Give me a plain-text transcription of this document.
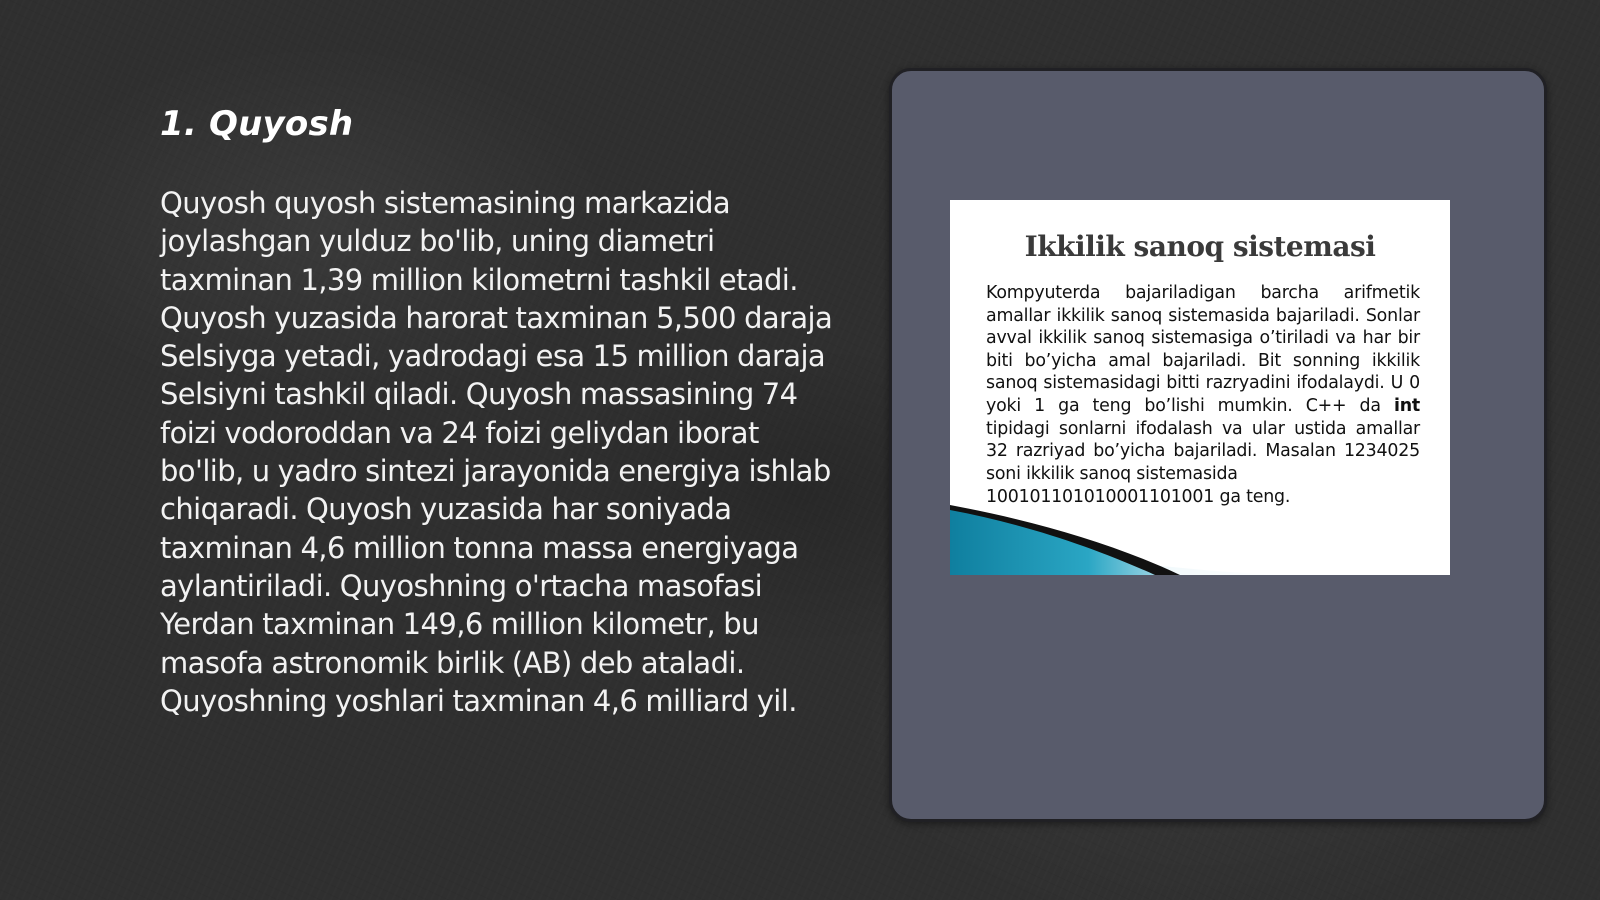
1. Quyosh

Quyosh quyosh sistemasining markazida joylashgan yulduz bo'lib, uning diametri taxminan 1,39 million kilometrni tashkil etadi. Quyosh yuzasida harorat taxminan 5,500 daraja Selsiyga yetadi, yadrodagi esa 15 million daraja Selsiyni tashkil qiladi. Quyosh massasining 74 foizi vodoroddan va 24 foizi geliydan iborat bo'lib, u yadro sintezi jarayonida energiya ishlab chiqaradi. Quyosh yuzasida har soniyada taxminan 4,6 million tonna massa energiyaga aylantiriladi. Quyoshning o'rtacha masofasi Yerdan taxminan 149,6 million kilometr, bu masofa astronomik birlik (AB) deb ataladi. Quyoshning yoshlari taxminan 4,6 milliard yil.

Ikkilik sanoq sistemasi

Kompyuterda bajariladigan barcha arifmetik amallar ikkilik sanoq sistemasida bajariladi. Sonlar avval ikkilik sanoq sistemasiga o’tiriladi va har bir biti bo’yicha amal bajariladi. Bit sonning ikkilik sanoq sistemasidagi bitti razryadini ifodalaydi. U 0 yoki 1 ga teng bo’lishi mumkin. C++ da int tipidagi sonlarni ifodalash va ular ustida amallar 32 razriyad bo’yicha bajariladi. Masalan 1234025 soni ikkilik sanoq sistemasida
100101101010001101001 ga teng.
